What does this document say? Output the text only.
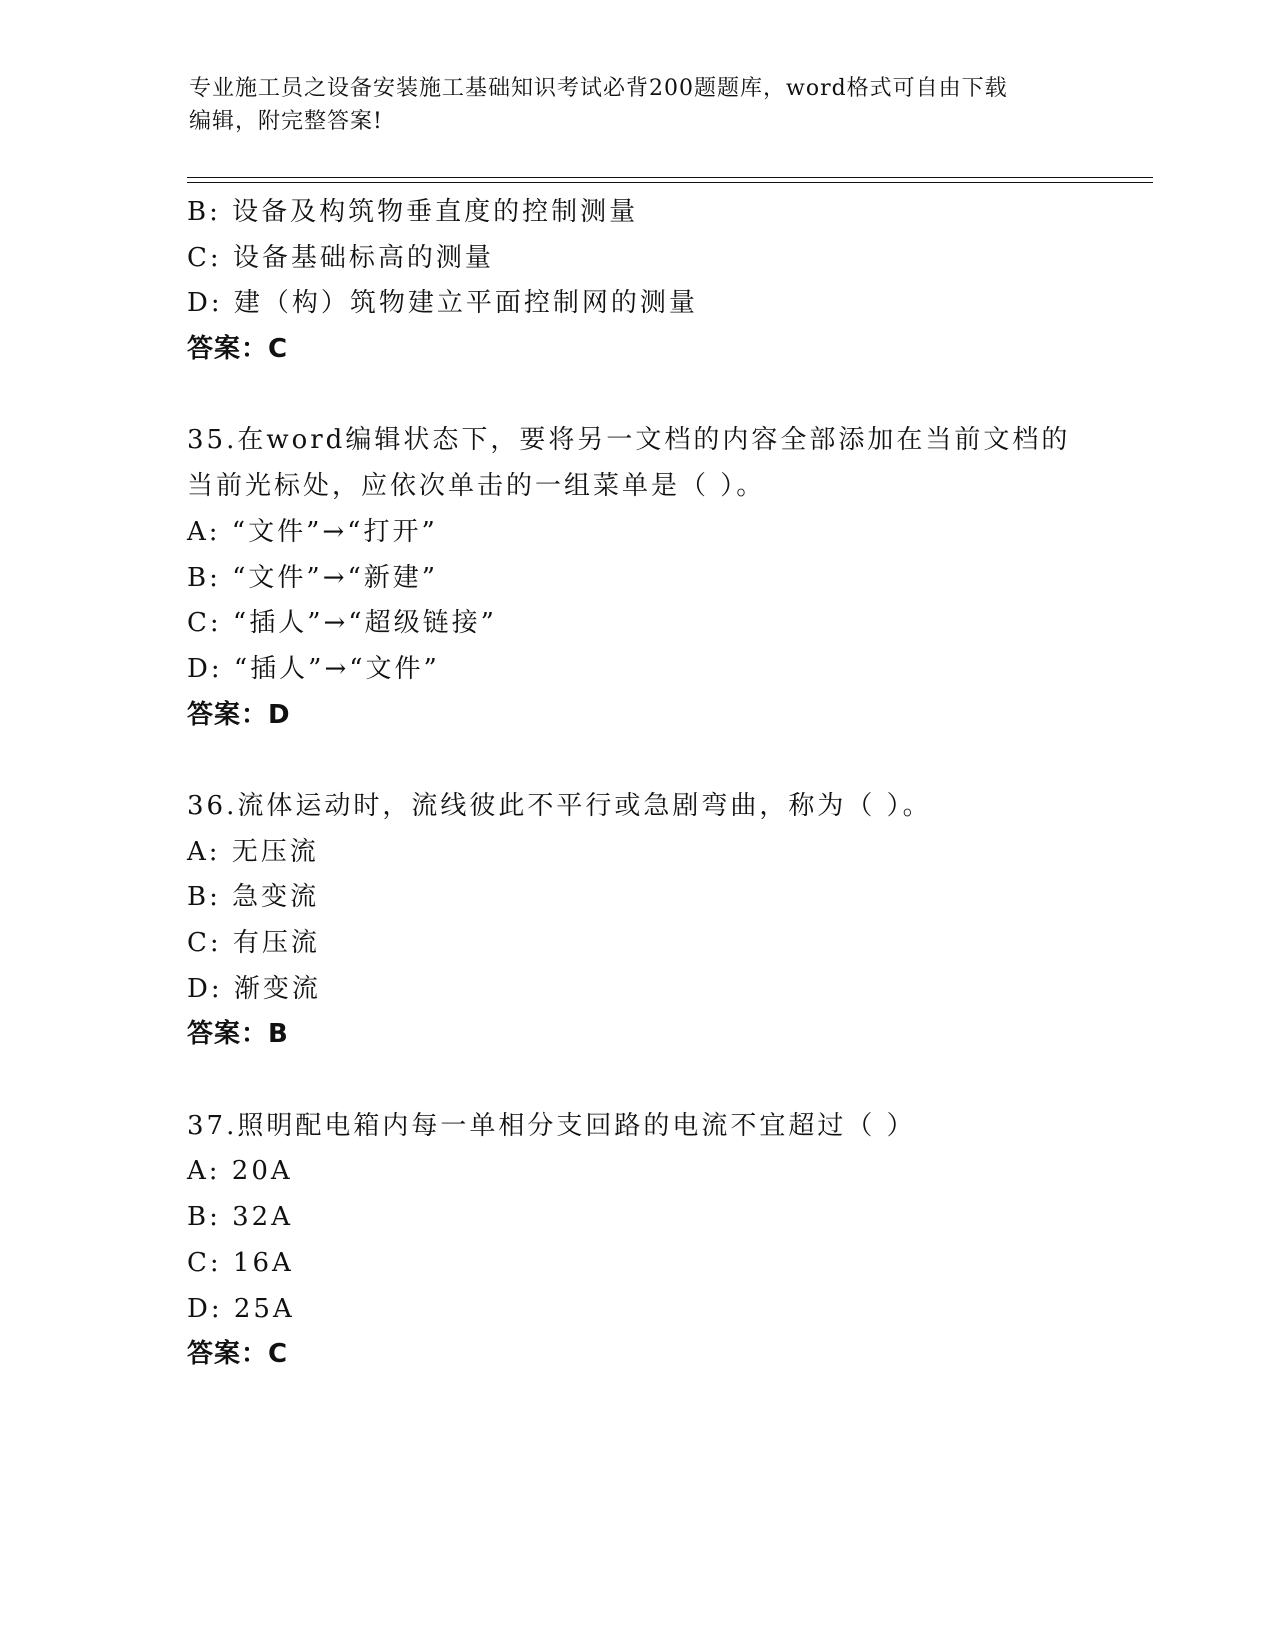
专业施工员之设备安装施工基础知识考试必背200题题库，word格式可自由下载
编辑，附完整答案!
B: 设备及构筑物垂直度的控制测量
C: 设备基础标高的测量
D: 建（构）筑物建立平面控制网的测量
答案：C
35.在word编辑状态下，要将另一文档的内容全部添加在当前文档的
当前光标处，应依次单击的一组菜单是（ ）。
A: “文件”→“打开”
B: “文件”→“新建”
C: “插人”→“超级链接”
D: “插人”→“文件”
答案：D
36.流体运动时，流线彼此不平行或急剧弯曲，称为（ ）。
A: 无压流
B: 急变流
C: 有压流
D: 渐变流
答案：B
37.照明配电箱内每一单相分支回路的电流不宜超过（ ）
A: 20A
B: 32A
C: 16A
D: 25A
答案：C
